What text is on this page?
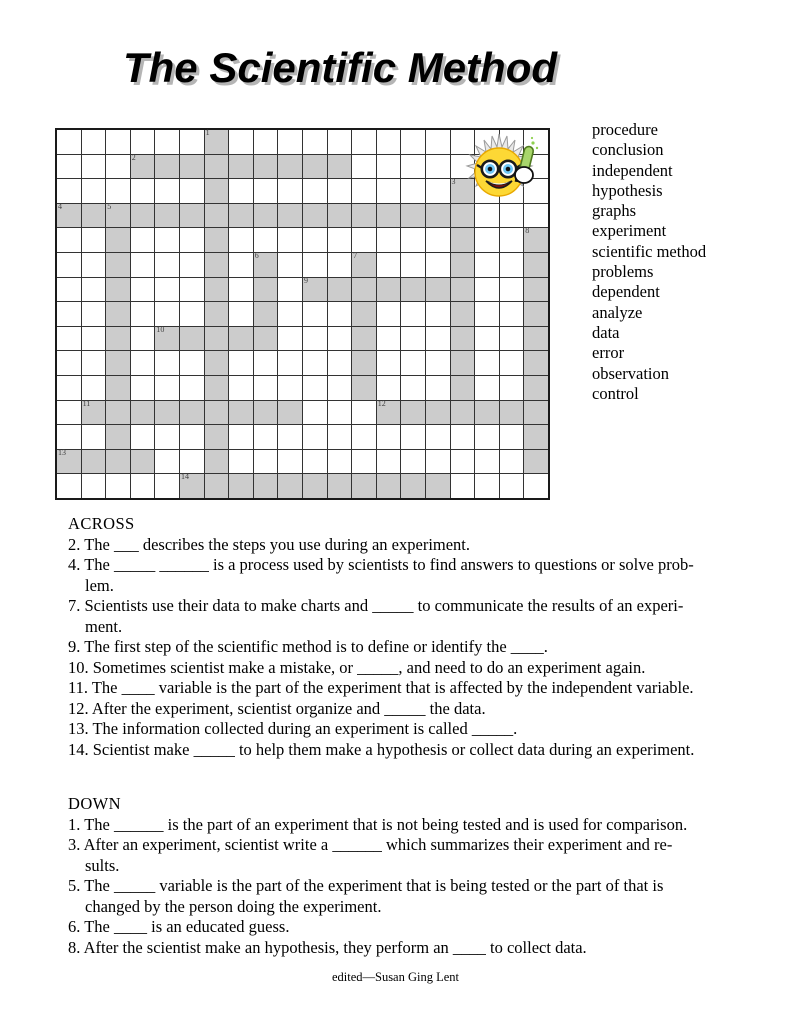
The Scientific Method

						1													

			2																

																3			

4		5																	

																			8

								6				7							

										9									

				10															

	11												12						

13																			

					14														

procedure
conclusion
independent
hypothesis
graphs
experiment
scientific method
problems
dependent
analyze
data
error
observation
control
ACROSS
2. The ___ describes the steps you use during an experiment.
4. The _____ ______ is a process used by scientists to find answers to questions or solve prob-
lem.
7. Scientists use their data to make charts and _____ to communicate the results of an experi-
ment.
9. The first step of the scientific method is to define or identify the ____.
10. Sometimes scientist make a mistake, or _____, and need to do an experiment again.
11. The ____ variable is the part of the experiment that is affected by the independent variable.
12. After the experiment, scientist organize and _____ the data.
13. The information collected during an experiment is called _____.
14. Scientist make _____ to help them make a hypothesis or collect data during an experiment.
DOWN
1. The ______ is the part of an experiment that is not being tested and is used for comparison.
3. After an experiment, scientist write a ______ which summarizes their experiment and re-
sults.
5. The _____ variable is the part of the experiment that is being tested or the part of that is
changed by the person doing the experiment.
6. The ____ is an educated guess.
8. After the scientist make an hypothesis, they perform an ____ to collect data.
edited—Susan Ging Lent
